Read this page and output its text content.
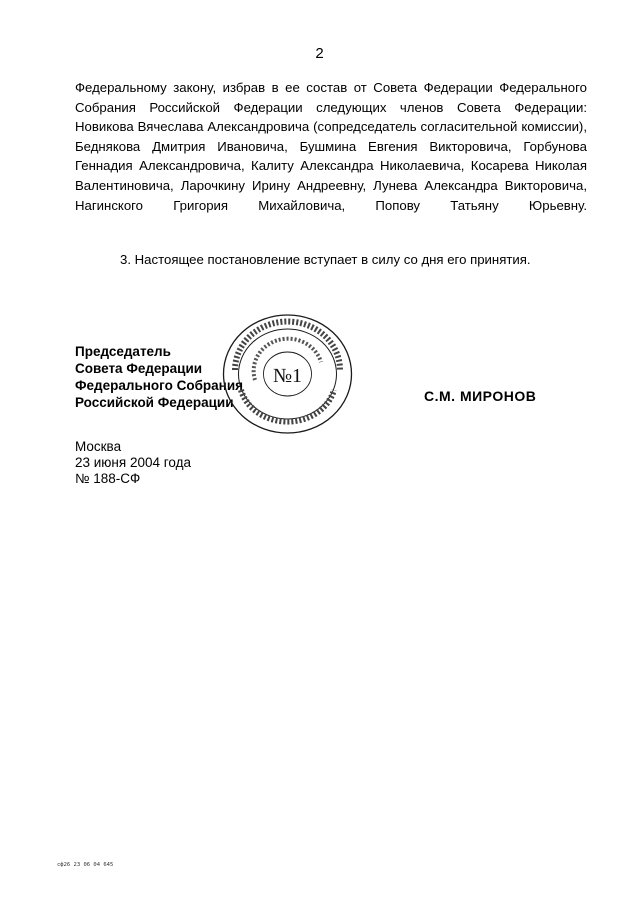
2
Федеральному закону, избрав в ее состав от Совета Федерации Федерального Собрания Российской Федерации следующих членов Совета Федерации: Новикова Вячеслава Александровича (сопредседатель согласительной комиссии), Беднякова Дмитрия Ивановича, Бушмина Евгения Викторовича, Горбунова Геннадия Александровича, Калиту Александра Николаевича, Косарева Николая Валентиновича, Ларочкину Ирину Андреевну, Лунева Александра Викторовича, Нагинского Григория Михайловича, Попову Татьяну Юрьевну.
3. Настоящее постановление вступает в силу со дня его принятия.
Председатель
Совета Федерации
Федерального Собрания
Российской Федерации
№1
С.М. МИРОНОВ
Москва
23 июня 2004 года
№ 188-СФ
сф26 23 06 04 645
